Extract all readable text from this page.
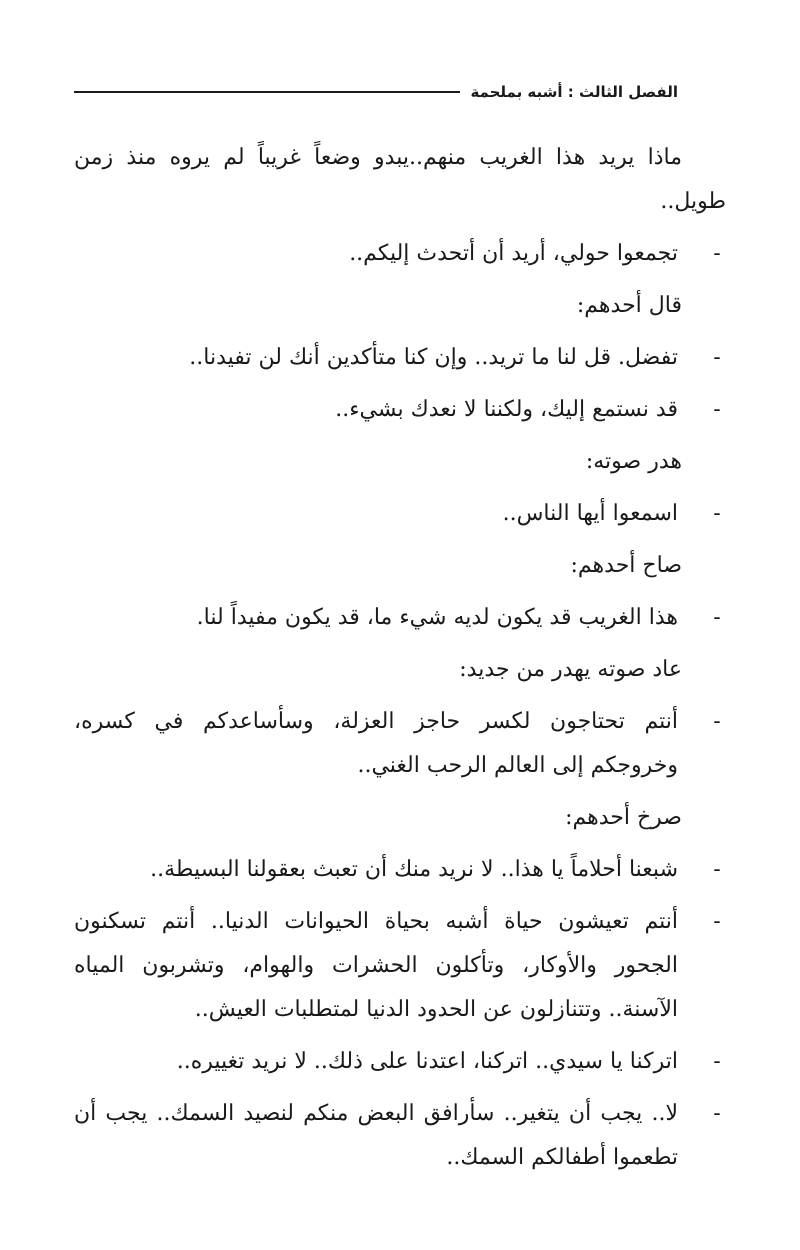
الفصل الثالث : أشبه بملحمة

ماذا يريد هذا الغريب منهم..يبدو وضعاً غريباً لم يروه منذ زمن طويل..

-
تجمعوا حولي، أريد أن أتحدث إليكم..

قال أحدهم:

-
تفضل. قل لنا ما تريد.. وإن كنا متأكدين أنك لن تفيدنا..

-
قد نستمع إليك، ولكننا لا نعدك بشيء..

هدر صوته:

-
اسمعوا أيها الناس..

صاح أحدهم:

-
هذا الغريب قد يكون لديه شيء ما، قد يكون مفيداً لنا.

عاد صوته يهدر من جديد:

-
أنتم تحتاجون لكسر حاجز العزلة، وسأساعدكم في كسره، وخروجكم إلى العالم الرحب الغني..

صرخ أحدهم:

-
شبعنا أحلاماً يا هذا.. لا نريد منك أن تعبث بعقولنا البسيطة..

-
أنتم تعيشون حياة أشبه بحياة الحيوانات الدنيا.. أنتم تسكنون الجحور والأوكار، وتأكلون الحشرات والهوام، وتشربون المياه الآسنة.. وتتنازلون عن الحدود الدنيا لمتطلبات العيش..

-
اتركنا يا سيدي.. اتركنا، اعتدنا على ذلك.. لا نريد تغييره..

-
لا.. يجب أن يتغير.. سأرافق البعض منكم لنصيد السمك.. يجب أن تطعموا أطفالكم السمك..
